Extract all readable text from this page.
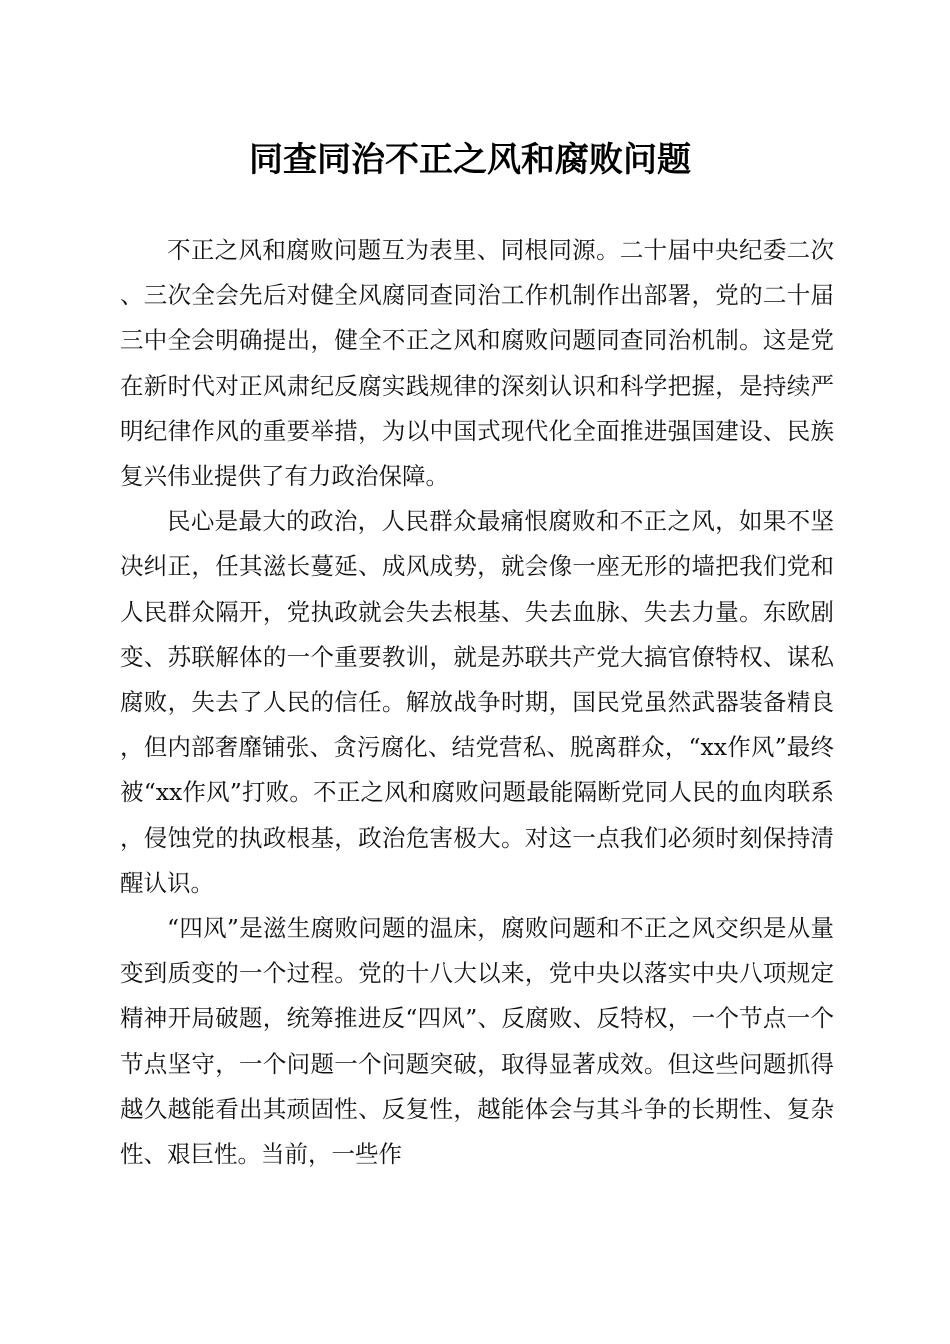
同查同治不正之风和腐败问题

不正之风和腐败问题互为表里、同根同源。二十届中央纪委二次、三次全会先后对健全风腐同查同治工作机制作出部署，党的二十届三中全会明确提出，健全不正之风和腐败问题同查同治机制。这是党在新时代对正风肃纪反腐实践规律的深刻认识和科学把握，是持续严明纪律作风的重要举措，为以中国式现代化全面推进强国建设、民族复兴伟业提供了有力政治保障。

民心是最大的政治，人民群众最痛恨腐败和不正之风，如果不坚决纠正，任其滋长蔓延、成风成势，就会像一座无形的墙把我们党和人民群众隔开，党执政就会失去根基、失去血脉、失去力量。东欧剧变、苏联解体的一个重要教训，就是苏联共产党大搞官僚特权、谋私腐败，失去了人民的信任。解放战争时期，国民党虽然武器装备精良，但内部奢靡铺张、贪污腐化、结党营私、脱离群众，“xx作风”最终被“xx作风”打败。不正之风和腐败问题最能隔断党同人民的血肉联系，侵蚀党的执政根基，政治危害极大。对这一点我们必须时刻保持清醒认识。

“四风”是滋生腐败问题的温床，腐败问题和不正之风交织是从量变到质变的一个过程。党的十八大以来，党中央以落实中央八项规定精神开局破题，统筹推进反“四风”、反腐败、反特权，一个节点一个节点坚守，一个问题一个问题突破，取得显著成效。但这些问题抓得越久越能看出其顽固性、反复性，越能体会与其斗争的长期性、复杂性、艰巨性。当前，一些作
